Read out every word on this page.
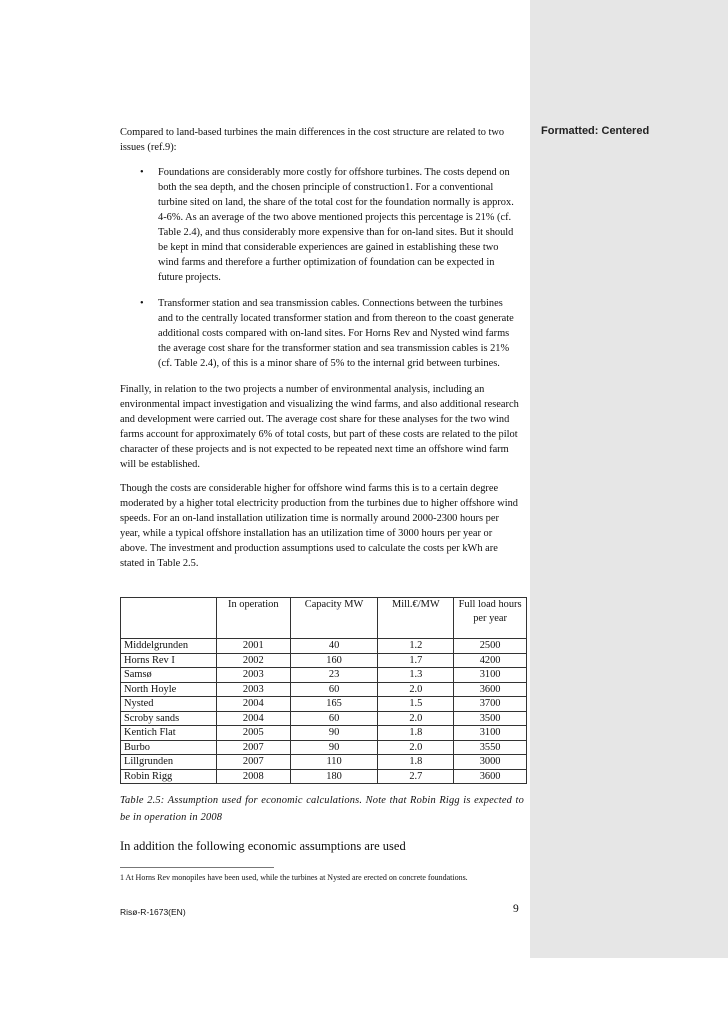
Formatted: Centered

Compared to land-based turbines the main differences in the cost structure are related to two issues (ref.9):

• Foundations are considerably more costly for offshore turbines. The costs depend on both the sea depth, and the chosen principle of construction1. For a conventional turbine sited on land, the share of the total cost for the foundation normally is approx. 4-6%. As an average of the two above mentioned projects this percentage is 21% (cf. Table 2.4), and thus considerably more expensive than for on-land sites. But it should be kept in mind that considerable experiences are gained in establishing these two wind farms and therefore a further optimization of foundation can be expected in future projects.
• Transformer station and sea transmission cables. Connections between the turbines and to the centrally located transformer station and from thereon to the coast generate additional costs compared with on-land sites. For Horns Rev and Nysted wind farms the average cost share for the transformer station and sea transmission cables is 21% (cf. Table 2.4), of this is a minor share of 5% to the internal grid between turbines.

Finally, in relation to the two projects a number of environmental analysis, including an environmental impact investigation and visualizing the wind farms, and also additional research and development were carried out. The average cost share for these analyses for the two wind farms account for approximately 6% of total costs, but part of these costs are related to the pilot character of these projects and is not expected to be repeated next time an offshore wind farm will be established.

Though the costs are considerable higher for offshore wind farms this is to a certain degree moderated by a higher total electricity production from the turbines due to higher offshore wind speeds. For an on-land installation utilization time is normally around 2000-2300 hours per year, while a typical offshore installation has an utilization time of 3000 hours per year or above. The investment and production assumptions used to calculate the costs per kWh are stated in Table 2.5.

	In operation	Capacity MW	Mill.€/MW	Full load hours per year
Middelgrunden	2001	40	1.2	2500
Horns Rev I	2002	160	1.7	4200
Samsø	2003	23	1.3	3100
North Hoyle	2003	60	2.0	3600
Nysted	2004	165	1.5	3700
Scroby sands	2004	60	2.0	3500
Kentich Flat	2005	90	1.8	3100
Burbo	2007	90	2.0	3550
Lillgrunden	2007	110	1.8	3000
Robin Rigg	2008	180	2.7	3600
Table 2.5: Assumption used for economic calculations. Note that Robin Rigg is expected to be in operation in 2008
In addition the following economic assumptions are used
1 At Horns Rev monopiles have been used, while the turbines at Nysted are erected on concrete foundations.
Risø-R-1673(EN)	9
